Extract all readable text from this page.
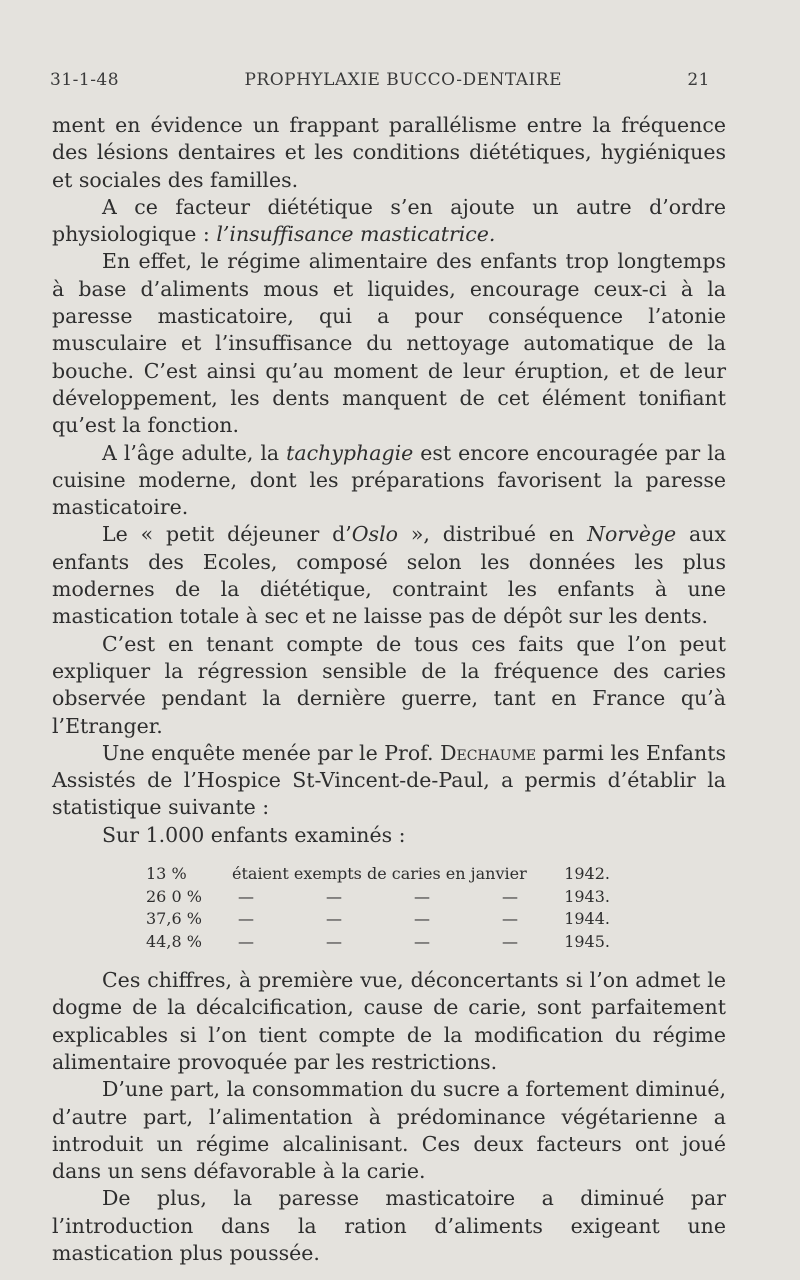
31-1-48	PROPHYLAXIE BUCCO-DENTAIRE	21

ment en évidence un frappant parallélisme entre la fréquence des lésions dentaires et les conditions diététiques, hygiéniques et sociales des familles.

A ce facteur diététique s’en ajoute un autre d’ordre physiologique : l’insuffisance masticatrice.

En effet, le régime alimentaire des enfants trop longtemps à base d’aliments mous et liquides, encourage ceux-ci à la paresse masticatoire, qui a pour conséquence l’atonie musculaire et l’insuffisance du nettoyage automatique de la bouche. C’est ainsi qu’au moment de leur éruption, et de leur développement, les dents manquent de cet élément tonifiant qu’est la fonction.

A l’âge adulte, la tachyphagie est encore encouragée par la cuisine moderne, dont les préparations favorisent la paresse masticatoire.

Le « petit déjeuner d’Oslo », distribué en Norvège aux enfants des Ecoles, composé selon les données les plus modernes de la diététique, contraint les enfants à une mastication totale à sec et ne laisse pas de dépôt sur les dents.

C’est en tenant compte de tous ces faits que l’on peut expliquer la régression sensible de la fréquence des caries observée pendant la dernière guerre, tant en France qu’à l’Etranger.

Une enquête menée par le Prof. Dechaume parmi les Enfants Assistés de l’Hospice St-Vincent-de-Paul, a permis d’établir la statistique suivante :

Sur 1.000 enfants examinés :

13 %	étaient exempts de caries en janvier	1942.
26 0 %	— — — —	1943.
37,6 %	— — — —	1944.
44,8 %	— — — —	1945.

Ces chiffres, à première vue, déconcertants si l’on admet le dogme de la décalcification, cause de carie, sont parfaitement explicables si l’on tient compte de la modification du régime alimentaire provoquée par les restrictions.

D’une part, la consommation du sucre a fortement diminué, d’autre part, l’alimentation à prédominance végétarienne a introduit un régime alcalinisant. Ces deux facteurs ont joué dans un sens défavorable à la carie.

De plus, la paresse masticatoire a diminué par l’introduction dans la ration d’aliments exigeant une mastication plus poussée.
